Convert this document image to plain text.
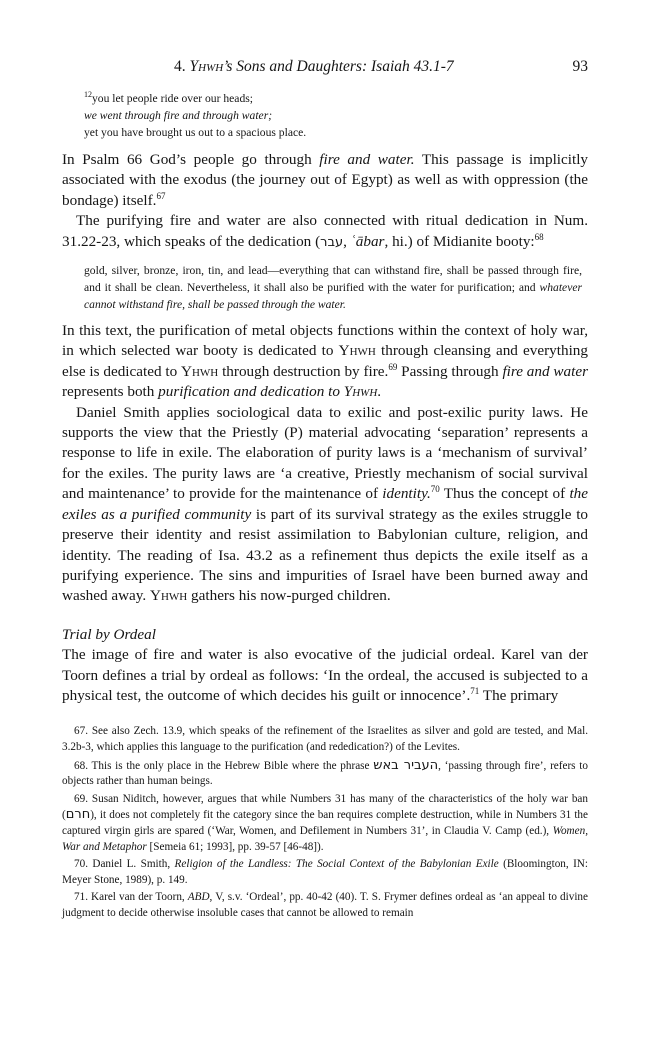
4. Yhwh’s Sons and Daughters: Isaiah 43.1-7	93
$^{12}$you let people ride over our heads;
we went through fire and through water;
yet you have brought us out to a spacious place.

In Psalm 66 God’s people go through fire and water. This passage is implicitly associated with the exodus (the journey out of Egypt) as well as with oppression (the bondage) itself.$^{67}$

The purifying fire and water are also connected with ritual dedication in Num. 31.22-23, which speaks of the dedication (עבר, ʿābar, hi.) of Midianite booty:$^{68}$

gold, silver, bronze, iron, tin, and lead—everything that can withstand fire, shall be passed through fire, and it shall be clean. Nevertheless, it shall also be purified with the water for purification; and whatever cannot withstand fire, shall be passed through the water.

In this text, the purification of metal objects functions within the context of holy war, in which selected war booty is dedicated to Yhwh through cleansing and everything else is dedicated to Yhwh through destruction by fire.$^{69}$ Passing through fire and water represents both purification and dedication to Yhwh.

Daniel Smith applies sociological data to exilic and post-exilic purity laws. He supports the view that the Priestly (P) material advocating ‘separation’ represents a response to life in exile. The elaboration of purity laws is a ‘mechanism of survival’ for the exiles. The purity laws are ‘a creative, Priestly mechanism of social survival and maintenance’ to provide for the maintenance of identity.$^{70}$ Thus the concept of the exiles as a purified community is part of its survival strategy as the exiles struggle to preserve their identity and resist assimilation to Babylonian culture, religion, and identity. The reading of Isa. 43.2 as a refinement thus depicts the exile itself as a purifying experience. The sins and impurities of Israel have been burned away and washed away. Yhwh gathers his now-purged children.

Trial by Ordeal

The image of fire and water is also evocative of the judicial ordeal. Karel van der Toorn defines a trial by ordeal as follows: ‘In the ordeal, the accused is subjected to a physical test, the outcome of which decides his guilt or innocence’.$^{71}$ The primary

67. See also Zech. 13.9, which speaks of the refinement of the Israelites as silver and gold are tested, and Mal. 3.2b-3, which applies this language to the purification (and rededication?) of the Levites.

68. This is the only place in the Hebrew Bible where the phrase העביר באש, ‘passing through fire’, refers to objects rather than human beings.

69. Susan Niditch, however, argues that while Numbers 31 has many of the characteristics of the holy war ban (חרם), it does not completely fit the category since the ban requires complete destruction, while in Numbers 31 the captured virgin girls are spared (‘War, Women, and Defilement in Numbers 31’, in Claudia V. Camp (ed.), Women, War and Metaphor [Semeia 61; 1993], pp. 39-57 [46-48]).

70. Daniel L. Smith, Religion of the Landless: The Social Context of the Babylonian Exile (Bloomington, IN: Meyer Stone, 1989), p. 149.

71. Karel van der Toorn, ABD, V, s.v. ‘Ordeal’, pp. 40-42 (40). T. S. Frymer defines ordeal as ‘an appeal to divine judgment to decide otherwise insoluble cases that cannot be allowed to remain
